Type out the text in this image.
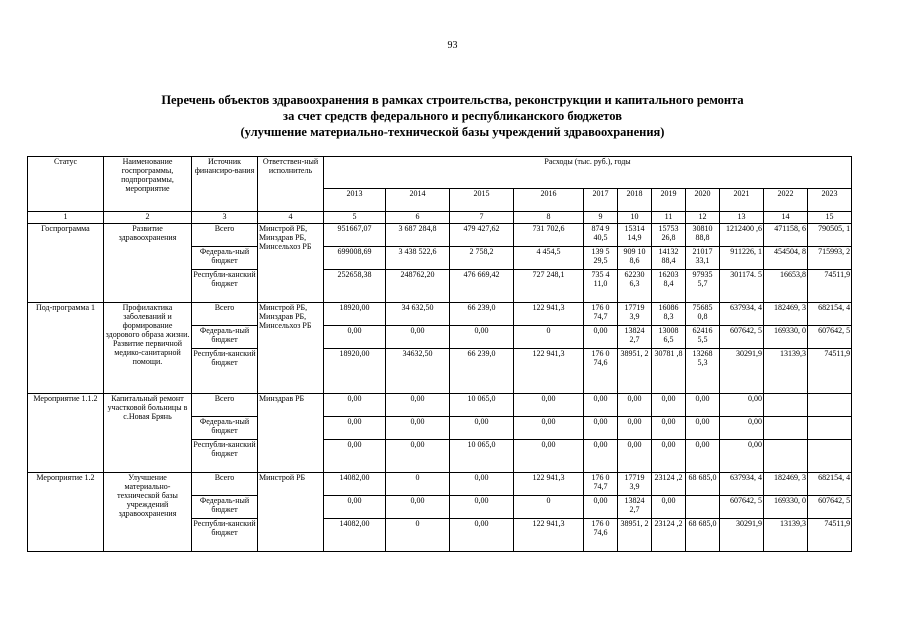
93
Перечень объектов здравоохранения в рамках строительства, реконструкции и капитального ремонта
за счет средств федерального и республиканского бюджетов
(улучшение материально-технической базы учреждений здравоохранения)
Статус	Наименование госпрограммы, подпрограммы, мероприятие	Источник финансиро-вания	Ответствен-ный исполнитель	Расходы (тыс. руб.), годы										
				2013	2014	2015	2016	2017	2018	2019	2020	2021	2022	2023
1	2	3	4	5	6	7	8	9	10	11	12	13	14	15
Госпрограмма	Развитие здравоохранения	Всего	Минстрой РБ, Минздрав РБ, Минсельхоз РБ	951667,07	3 687 284,8	479 427,62	731 702,6	874 9 40,5	15314 14,9	15753 26,8	30810 88,8	1212400 ,6	471158, 6	790505, 1
		Федераль-ный бюджет		699008,69	3 438 522,6	2 758,2	4 454,5	139 5 29,5	909 10 8,6	14132 88,4	21017 33,1	911226, 1	454504, 8	715993, 2
		Республи-канский бюджет		252658,38	248762,20	476 669,42	727 248,1	735 4 11,0	62230 6,3	16203 8,4	97935 5,7	301174. 5	16653,8	74511,9
Под-программа 1	Профилактика заболеваний и формирование здорового образа жизни. Развитие первичной медико-санитарной помощи.	Всего	Минстрой РБ, Минздрав РБ, Минсельхоз РБ	18920,00	34 632,50	66 239,0	122 941,3	176 0 74,7	17719 3,9	16086 8,3	75685 0,8	637934, 4	182469, 3	682154, 4
		Федераль-ный бюджет		0,00	0,00	0,00	0	0,00	13824 2,7	13008 6,5	62416 5,5	607642, 5	169330, 0	607642, 5
		Республи-канский бюджет		18920,00	34632,50	66 239,0	122 941,3	176 0 74,6	38951, 2	30781 ,8	13268 5,3	30291,9	13139,3	74511,9
Мероприятие 1.1.2	Капитальный ремонт участковой больницы в с.Новая Брянь	Всего	Минздрав РБ	0,00	0,00	10 065,0	0,00	0,00	0,00	0,00	0,00	0,00		
		Федераль-ный бюджет		0,00	0,00	0,00	0,00	0,00	0,00	0,00	0,00	0,00		
		Республи-канский бюджет		0,00	0,00	10 065,0	0,00	0,00	0,00	0,00	0,00	0,00		
Мероприятие 1.2	Улучшение материально-технической базы учреждений здравоохранения	Всего	Минстрой РБ	14082,00	0	0,00	122 941,3	176 0 74,7	17719 3,9	23124 ,2	68 685,0	637934, 4	182469, 3	682154, 4
		Федераль-ный бюджет		0,00	0,00	0,00	0	0,00	13824 2,7	0,00		607642, 5	169330, 0	607642, 5
		Республи-канский бюджет		14082,00	0	0,00	122 941,3	176 0 74,6	38951, 2	23124 ,2	68 685,0	30291,9	13139,3	74511,9
